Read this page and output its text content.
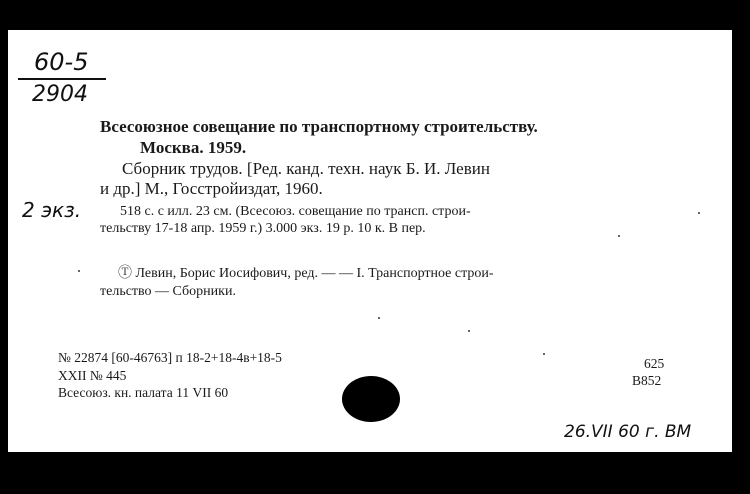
60-5
2904
Всесоюзное совещание по транспортному строительству.
Москва. 1959.
Сборник трудов. [Ред. канд. техн. наук Б. И. Левин
и др.] М., Госстройиздат, 1960.
2 экз.	518 с. с илл. 23 см. (Всесоюз. совещание по трансп. строи-
тельству 17-18 апр. 1959 г.) 3.000 экз. 19 р. 10 к. В пер.
Ⓣ Левин, Борис Иосифович, ред. — — I. Транспортное строи-
тельство — Сборники.
№ 22874 [60-46763] п 18-2+18-4в+18-5	625
XXII № 445	В852
Всесоюз. кн. палата 11 VII 60
26.VII 60 г. BM
